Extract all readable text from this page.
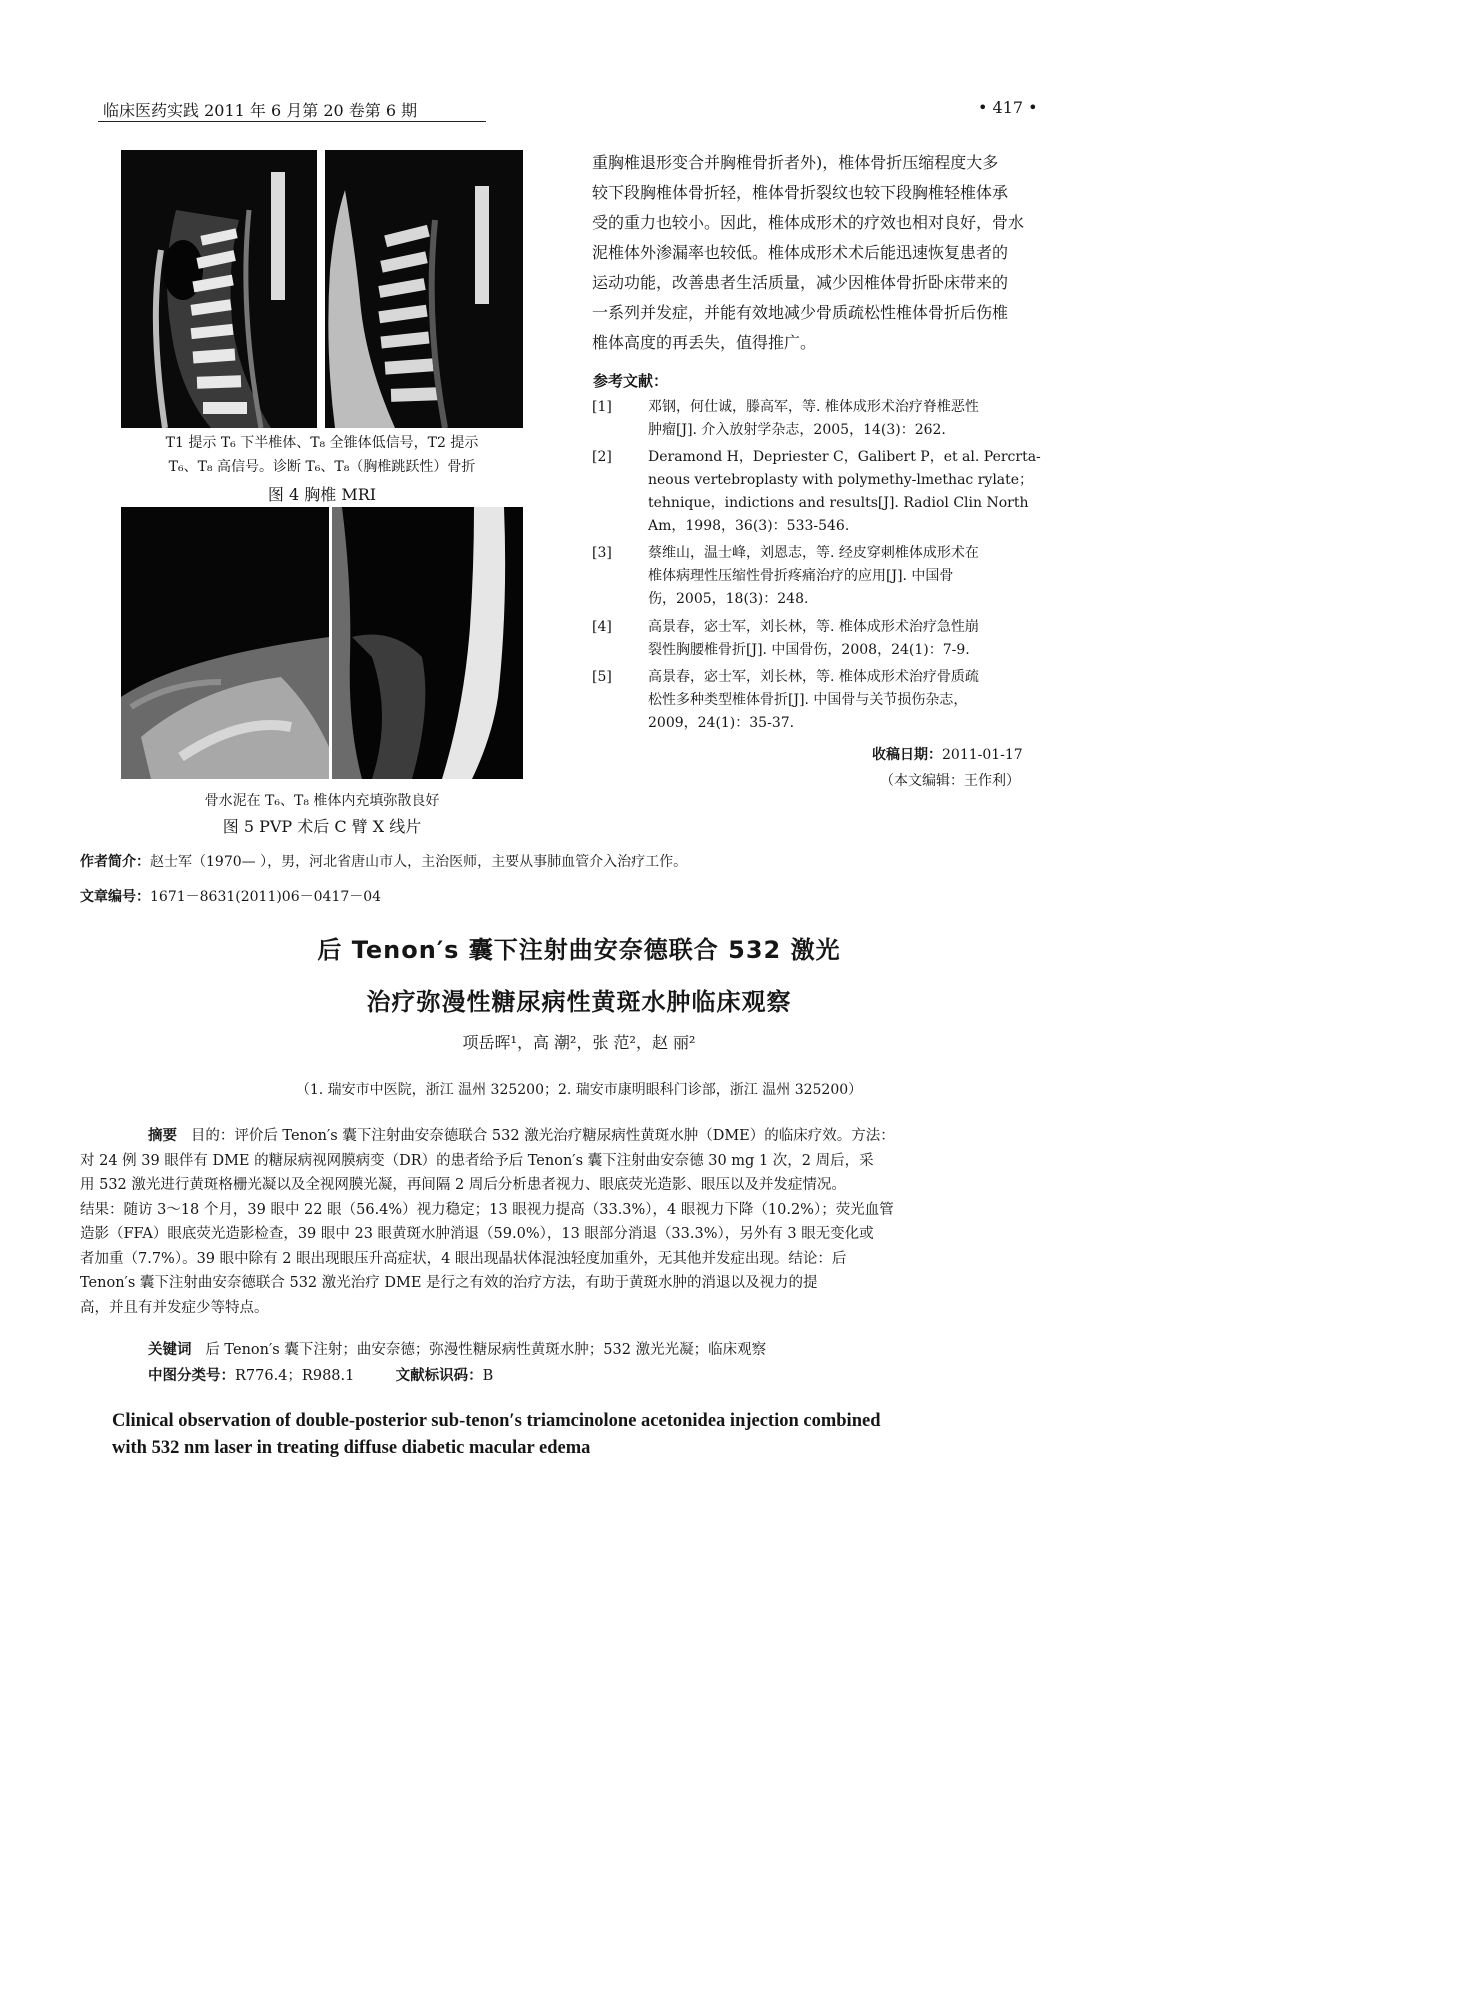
临床医药实践 2011 年 6 月第 20 卷第 6 期	• 417 •
T1 提示 T₆ 下半椎体、T₈ 全锥体低信号，T2 提示
T₆、T₈ 高信号。诊断 T₆、T₈（胸椎跳跃性）骨折
图 4 胸椎 MRI
骨水泥在 T₆、T₈ 椎体内充填弥散良好
图 5 PVP 术后 C 臂 X 线片
重胸椎退形变合并胸椎骨折者外)，椎体骨折压缩程度大多
较下段胸椎体骨折轻，椎体骨折裂纹也较下段胸椎轻椎体承
受的重力也较小。因此，椎体成形术的疗效也相对良好，骨水
泥椎体外渗漏率也较低。椎体成形术术后能迅速恢复患者的
运动功能，改善患者生活质量，减少因椎体骨折卧床带来的
一系列并发症，并能有效地减少骨质疏松性椎体骨折后伤椎
椎体高度的再丢失，值得推广。
参考文献：
[1]	邓钢，何仕诚，滕高军，等. 椎体成形术治疗脊椎恶性
肿瘤[J]. 介入放射学杂志，2005，14(3)：262.
[2]	Deramond H，Depriester C，Galibert P，et al. Percrta-
neous vertebroplasty with polymethy-lmethac rylate；
tehnique，indictions and results[J]. Radiol Clin North
Am，1998，36(3)：533-546.
[3]	蔡维山，温士峰，刘恩志，等. 经皮穿刺椎体成形术在
椎体病理性压缩性骨折疼痛治疗的应用[J]. 中国骨
伤，2005，18(3)：248.
[4]	高景春，宓士军，刘长林，等. 椎体成形术治疗急性崩
裂性胸腰椎骨折[J]. 中国骨伤，2008，24(1)：7-9.
[5]	高景春，宓士军，刘长林，等. 椎体成形术治疗骨质疏
松性多种类型椎体骨折[J]. 中国骨与关节损伤杂志，
2009，24(1)：35-37.
收稿日期：2011-01-17
（本文编辑：王作利）
作者简介：赵士军（1970— ），男，河北省唐山市人，主治医师，主要从事肺血管介入治疗工作。
文章编号：1671－8631(2011)06－0417－04
后 Tenon′s 囊下注射曲安奈德联合 532 激光
治疗弥漫性糖尿病性黄斑水肿临床观察
项岳晖¹，高 潮²，张 范²，赵 丽²
（1. 瑞安市中医院，浙江 温州 325200；2. 瑞安市康明眼科门诊部，浙江 温州 325200）
摘要 目的：评价后 Tenon′s 囊下注射曲安奈德联合 532 激光治疗糖尿病性黄斑水肿（DME）的临床疗效。方法：
对 24 例 39 眼伴有 DME 的糖尿病视网膜病变（DR）的患者给予后 Tenon′s 囊下注射曲安奈德 30 mg 1 次，2 周后，采
用 532 激光进行黄斑格栅光凝以及全视网膜光凝，再间隔 2 周后分析患者视力、眼底荧光造影、眼压以及并发症情况。
结果：随访 3～18 个月，39 眼中 22 眼（56.4%）视力稳定；13 眼视力提高（33.3%），4 眼视力下降（10.2%）；荧光血管
造影（FFA）眼底荧光造影检查，39 眼中 23 眼黄斑水肿消退（59.0%），13 眼部分消退（33.3%），另外有 3 眼无变化或
者加重（7.7%）。39 眼中除有 2 眼出现眼压升高症状，4 眼出现晶状体混浊轻度加重外，无其他并发症出现。结论：后
Tenon′s 囊下注射曲安奈德联合 532 激光治疗 DME 是行之有效的治疗方法，有助于黄斑水肿的消退以及视力的提
高，并且有并发症少等特点。
关键词 后 Tenon′s 囊下注射；曲安奈德；弥漫性糖尿病性黄斑水肿；532 激光光凝；临床观察
中图分类号：R776.4；R988.1	文献标识码：B
Clinical observation of double-posterior sub-tenon′s triamcinolone acetonidea injection combined
with 532 nm laser in treating diffuse diabetic macular edema
